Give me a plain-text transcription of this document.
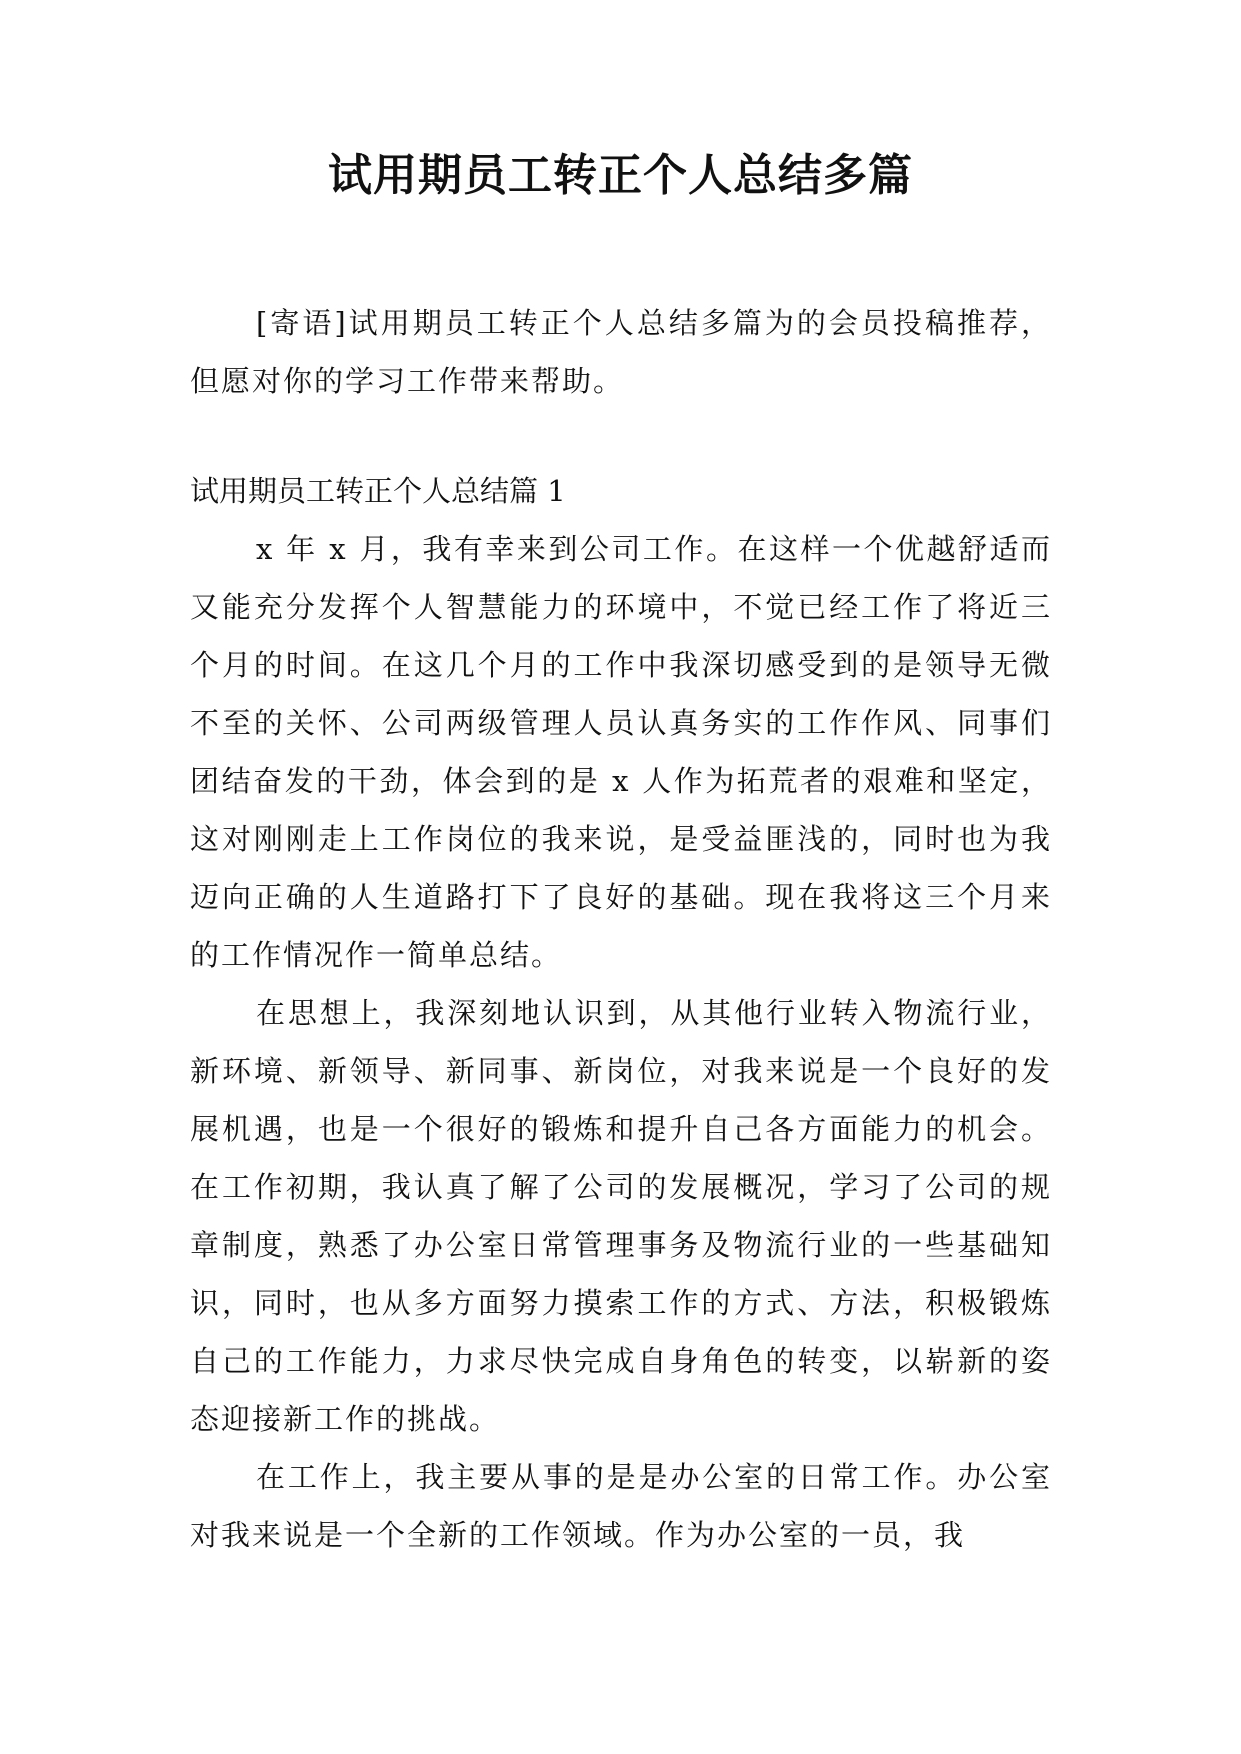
试用期员工转正个人总结多篇

[寄语]试用期员工转正个人总结多篇为的会员投稿推荐，但愿对你的学习工作带来帮助。

试用期员工转正个人总结篇 1

x 年 x 月，我有幸来到公司工作。在这样一个优越舒适而又能充分发挥个人智慧能力的环境中，不觉已经工作了将近三个月的时间。在这几个月的工作中我深切感受到的是领导无微不至的关怀、公司两级管理人员认真务实的工作作风、同事们团结奋发的干劲，体会到的是 x 人作为拓荒者的艰难和坚定，这对刚刚走上工作岗位的我来说，是受益匪浅的，同时也为我迈向正确的人生道路打下了良好的基础。现在我将这三个月来的工作情况作一简单总结。

在思想上，我深刻地认识到，从其他行业转入物流行业，新环境、新领导、新同事、新岗位，对我来说是一个良好的发展机遇，也是一个很好的锻炼和提升自己各方面能力的机会。在工作初期，我认真了解了公司的发展概况，学习了公司的规章制度，熟悉了办公室日常管理事务及物流行业的一些基础知识，同时，也从多方面努力摸索工作的方式、方法，积极锻炼自己的工作能力，力求尽快完成自身角色的转变，以崭新的姿态迎接新工作的挑战。

在工作上，我主要从事的是是办公室的日常工作。办公室对我来说是一个全新的工作领域。作为办公室的一员，我
